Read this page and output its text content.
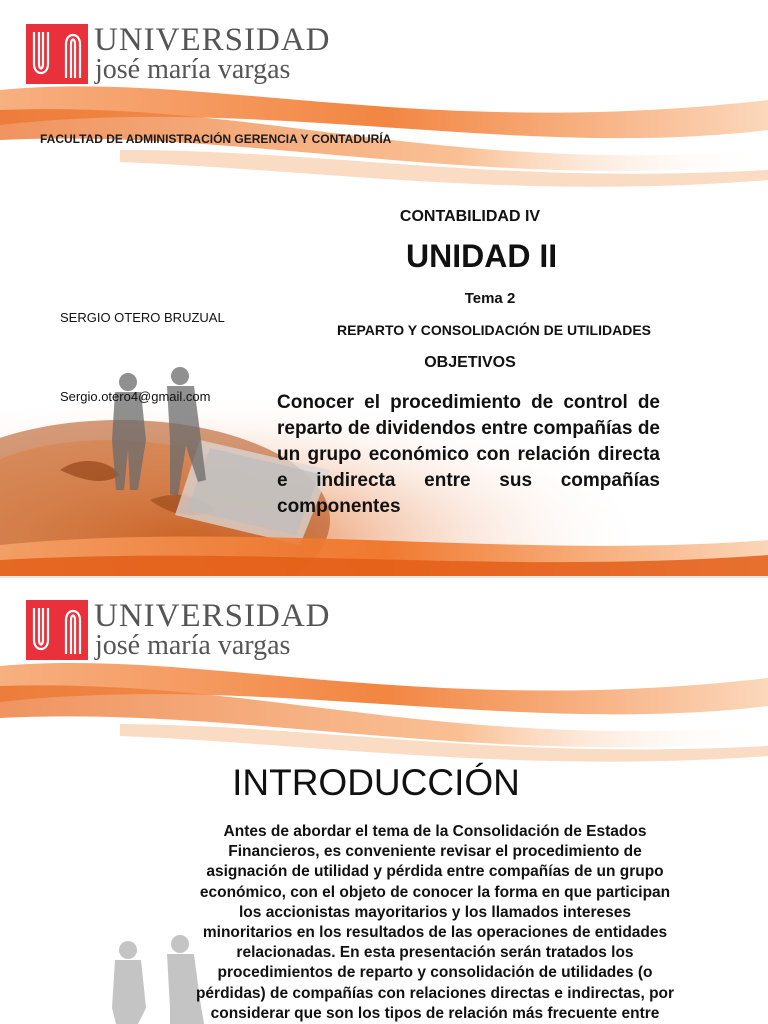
UNIVERSIDAD
josé maría vargas
FACULTAD DE ADMINISTRACIÓN GERENCIA Y CONTADURÍA
CONTABILIDAD IV
UNIDAD II
Tema 2
REPARTO Y CONSOLIDACIÓN DE UTILIDADES
OBJETIVOS
SERGIO OTERO BRUZUAL
Sergio.otero4@gmail.com	Conocer el procedimiento de control de reparto de dividendos entre compañías de un grupo económico con relación directa e indirecta entre sus compañías componentes
UNIVERSIDAD
josé maría vargas
INTRODUCCIÓN
Antes de abordar el tema de la Consolidación de Estados
Financieros, es conveniente revisar el procedimiento de
asignación de utilidad y pérdida entre compañías de un grupo
económico, con el objeto de conocer la forma en que participan
los accionistas mayoritarios y los llamados intereses
minoritarios en los resultados de las operaciones de entidades
relacionadas. En esta presentación serán tratados los
procedimientos de reparto y consolidación de utilidades (o
pérdidas) de compañías con relaciones directas e indirectas, por
considerar que son los tipos de relación más frecuente entre
